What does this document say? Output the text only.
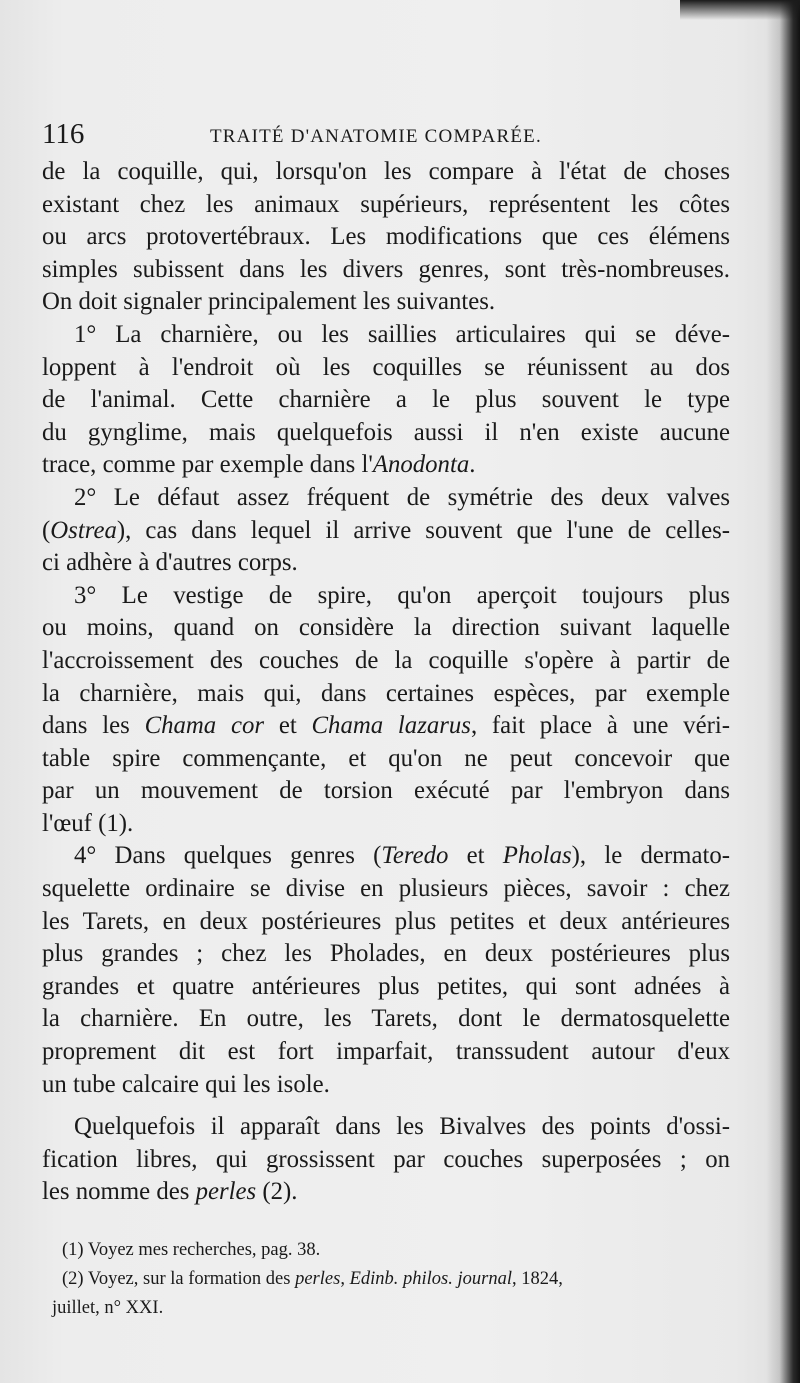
116	TRAITÉ D'ANATOMIE COMPARÉE.

de la coquille, qui, lorsqu'on les compare à l'état de choses
existant chez les animaux supérieurs, représentent les côtes
ou arcs protovertébraux. Les modifications que ces élémens
simples subissent dans les divers genres, sont très-nombreuses.
On doit signaler principalement les suivantes.

1° La charnière, ou les saillies articulaires qui se déve-
loppent à l'endroit où les coquilles se réunissent au dos
de l'animal. Cette charnière a le plus souvent le type
du gynglime, mais quelquefois aussi il n'en existe aucune
trace, comme par exemple dans l'Anodonta.

2° Le défaut assez fréquent de symétrie des deux valves
(Ostrea), cas dans lequel il arrive souvent que l'une de celles-
ci adhère à d'autres corps.

3° Le vestige de spire, qu'on aperçoit toujours plus
ou moins, quand on considère la direction suivant laquelle
l'accroissement des couches de la coquille s'opère à partir de
la charnière, mais qui, dans certaines espèces, par exemple
dans les Chama cor et Chama lazarus, fait place à une véri-
table spire commençante, et qu'on ne peut concevoir que
par un mouvement de torsion exécuté par l'embryon dans
l'œuf (1).

4° Dans quelques genres (Teredo et Pholas), le dermato-
squelette ordinaire se divise en plusieurs pièces, savoir : chez
les Tarets, en deux postérieures plus petites et deux antérieures
plus grandes ; chez les Pholades, en deux postérieures plus
grandes et quatre antérieures plus petites, qui sont adnées à
la charnière. En outre, les Tarets, dont le dermatosquelette
proprement dit est fort imparfait, transsudent autour d'eux
un tube calcaire qui les isole.

Quelquefois il apparaît dans les Bivalves des points d'ossi-
fication libres, qui grossissent par couches superposées ; on
les nomme des perles (2).

(1) Voyez mes recherches, pag. 38.
(2) Voyez, sur la formation des perles, Edinb. philos. journal, 1824,
juillet, n° XXI.
